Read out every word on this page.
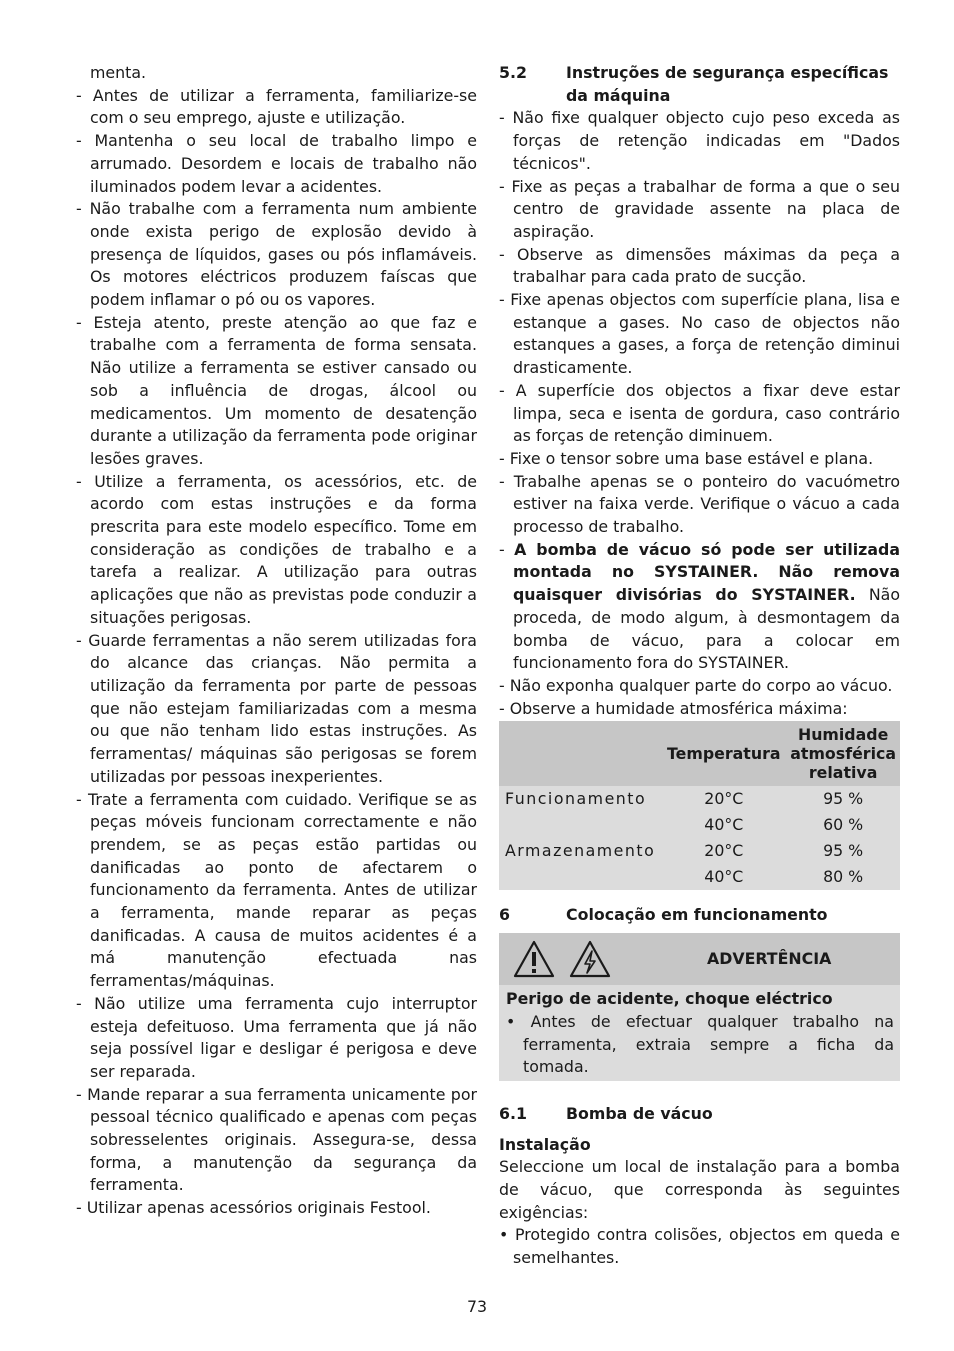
menta.

- Antes de utilizar a ferramenta, familiarize-se com o seu emprego, ajuste e utilização.

- Mantenha o seu local de trabalho limpo e arrumado. Desordem e locais de trabalho não iluminados podem levar a acidentes.

- Não trabalhe com a ferramenta num ambiente onde exista perigo de explosão devido à presença de líquidos, gases ou pós inflamáveis. Os motores eléctricos produzem faíscas que podem inflamar o pó ou os vapores.

- Esteja atento, preste atenção ao que faz e trabalhe com a ferramenta de forma sensata. Não utilize a ferramenta se estiver cansado ou sob a influência de drogas, álcool ou medicamentos. Um momento de desatenção durante a utilização da ferramenta pode originar lesões graves.

- Utilize a ferramenta, os acessórios, etc. de acordo com estas instruções e da forma prescrita para este modelo específico. Tome em consideração as condições de trabalho e a tarefa a realizar. A utilização para outras aplicações que não as previstas pode conduzir a situações perigosas.

- Guarde ferramentas a não serem utilizadas fora do alcance das crianças. Não permita a utilização da ferramenta por parte de pessoas que não estejam familiarizadas com a mesma ou que não tenham lido estas instruções. As ferramentas/ máquinas são perigosas se forem utilizadas por pessoas inexperientes.

- Trate a ferramenta com cuidado. Verifique se as peças móveis funcionam correctamente e não prendem, se as peças estão partidas ou danificadas ao ponto de afectarem o funcionamento da ferramenta. Antes de utilizar a ferramenta, mande reparar as peças danificadas. A causa de muitos acidentes é a má manutenção efectuada nas ferramentas/máquinas.

- Não utilize uma ferramenta cujo interruptor esteja defeituoso. Uma ferramenta que já não seja possível ligar e desligar é perigosa e deve ser reparada.

- Mande reparar a sua ferramenta unicamente por pessoal técnico qualificado e apenas com peças sobresselentes originais. Assegura-se, dessa forma, a manutenção da segurança da ferramenta.

- Utilizar apenas acessórios originais Festool.

5.2	Instruções de segurança específicas da máquina

- Não fixe qualquer objecto cujo peso exceda as forças de retenção indicadas em "Dados técnicos".

- Fixe as peças a trabalhar de forma a que o seu centro de gravidade assente na placa de aspiração.

- Observe as dimensões máximas da peça a trabalhar para cada prato de sucção.

- Fixe apenas objectos com superfície plana, lisa e estanque a gases. No caso de objectos não estanques a gases, a força de retenção diminui drasticamente.

- A superfície dos objectos a fixar deve estar limpa, seca e isenta de gordura, caso contrário as forças de retenção diminuem.

- Fixe o tensor sobre uma base estável e plana.

- Trabalhe apenas se o ponteiro do vacuómetro estiver na faixa verde. Verifique o vácuo a cada processo de trabalho.

- A bomba de vácuo só pode ser utilizada montada no SYSTAINER. Não remova quaisquer divisórias do SYSTAINER. Não proceda, de modo algum, à desmontagem da bomba de vácuo, para a colocar em funcionamento fora do SYSTAINER.

- Não exponha qualquer parte do corpo ao vácuo.

- Observe a humidade atmosférica máxima:

	Temperatura	Humidade atmosférica relativa
Funcionamento	20°C	95 %
	40°C	60 %
Armazenamento	20°C	95 %
	40°C	80 %
6	Colocação em funcionamento
ADVERTÊNCIA

Perigo de acidente, choque eléctrico

• Antes de efectuar qualquer trabalho na ferramenta, extraia sempre a ficha da tomada.

6.1	Bomba de vácuo

Instalação

Seleccione um local de instalação para a bomba de vácuo, que corresponda às seguintes exigências:

• Protegido contra colisões, objectos em queda e semelhantes.

73
